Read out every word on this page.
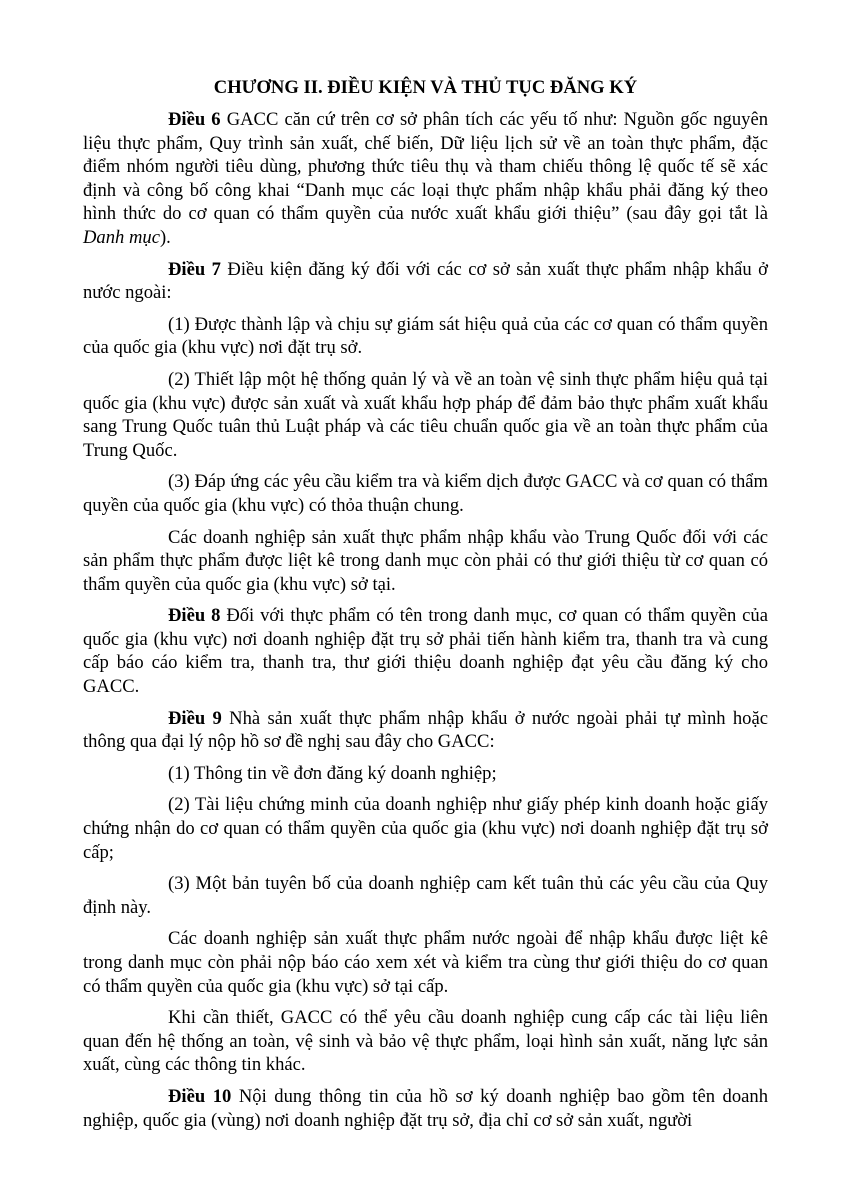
CHƯƠNG II. ĐIỀU KIỆN VÀ THỦ TỤC ĐĂNG KÝ

Điều 6 GACC căn cứ trên cơ sở phân tích các yếu tố như: Nguồn gốc nguyên liệu thực phẩm, Quy trình sản xuất, chế biến, Dữ liệu lịch sử về an toàn thực phẩm, đặc điểm nhóm người tiêu dùng, phương thức tiêu thụ và tham chiếu thông lệ quốc tế sẽ xác định và công bố công khai “Danh mục các loại thực phẩm nhập khẩu phải đăng ký theo hình thức do cơ quan có thẩm quyền của nước xuất khẩu giới thiệu” (sau đây gọi tắt là Danh mục).

Điều 7 Điều kiện đăng ký đối với các cơ sở sản xuất thực phẩm nhập khẩu ở nước ngoài:

(1) Được thành lập và chịu sự giám sát hiệu quả của các cơ quan có thẩm quyền của quốc gia (khu vực) nơi đặt trụ sở.

(2) Thiết lập một hệ thống quản lý và về an toàn vệ sinh thực phẩm hiệu quả tại quốc gia (khu vực) được sản xuất và xuất khẩu hợp pháp để đảm bảo thực phẩm xuất khẩu sang Trung Quốc tuân thủ Luật pháp và các tiêu chuẩn quốc gia về an toàn thực phẩm của Trung Quốc.

(3) Đáp ứng các yêu cầu kiểm tra và kiểm dịch được GACC và cơ quan có thẩm quyền của quốc gia (khu vực) có thỏa thuận chung.

Các doanh nghiệp sản xuất thực phẩm nhập khẩu vào Trung Quốc đối với các sản phẩm thực phẩm được liệt kê trong danh mục còn phải có thư giới thiệu từ cơ quan có thẩm quyền của quốc gia (khu vực) sở tại.

Điều 8 Đối với thực phẩm có tên trong danh mục, cơ quan có thẩm quyền của quốc gia (khu vực) nơi doanh nghiệp đặt trụ sở phải tiến hành kiểm tra, thanh tra và cung cấp báo cáo kiểm tra, thanh tra, thư giới thiệu doanh nghiệp đạt yêu cầu đăng ký cho GACC.

Điều 9 Nhà sản xuất thực phẩm nhập khẩu ở nước ngoài phải tự mình hoặc thông qua đại lý nộp hồ sơ đề nghị sau đây cho GACC:

(1) Thông tin về đơn đăng ký doanh nghiệp;

(2) Tài liệu chứng minh của doanh nghiệp như giấy phép kinh doanh hoặc giấy chứng nhận do cơ quan có thẩm quyền của quốc gia (khu vực) nơi doanh nghiệp đặt trụ sở cấp;

(3) Một bản tuyên bố của doanh nghiệp cam kết tuân thủ các yêu cầu của Quy định này.

Các doanh nghiệp sản xuất thực phẩm nước ngoài để nhập khẩu được liệt kê trong danh mục còn phải nộp báo cáo xem xét và kiểm tra cùng thư giới thiệu do cơ quan có thẩm quyền của quốc gia (khu vực) sở tại cấp.

Khi cần thiết, GACC có thể yêu cầu doanh nghiệp cung cấp các tài liệu liên quan đến hệ thống an toàn, vệ sinh và bảo vệ thực phẩm, loại hình sản xuất, năng lực sản xuất, cùng các thông tin khác.

Điều 10 Nội dung thông tin của hồ sơ ký doanh nghiệp bao gồm tên doanh nghiệp, quốc gia (vùng) nơi doanh nghiệp đặt trụ sở, địa chỉ cơ sở sản xuất, người
